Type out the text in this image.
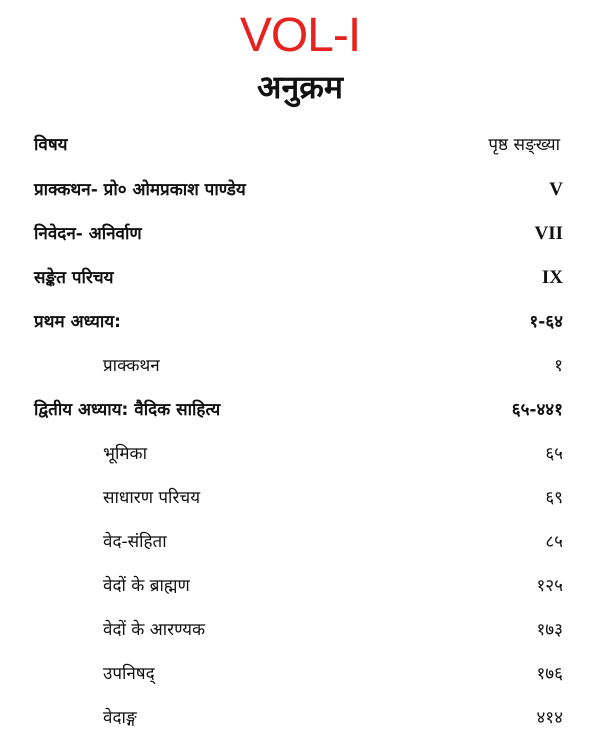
VOL-I
अनुक्रम
विषय	पृष्ठ सङ्ख्या
प्राक्कथन- प्रो० ओमप्रकाश पाण्डेय	V
निवेदन- अनिर्वाण	VII
सङ्केत परिचय	IX
प्रथम अध्याय:	१-६४
प्राक्कथन	१
द्वितीय अध्याय: वैदिक साहित्य	६५-४४१
भूमिका	६५
साधारण परिचय	६९
वेद-संहिता	८५
वेदों के ब्राह्मण	१२५
वेदों के आरण्यक	१७३
उपनिषद्	१७६
वेदाङ्ग	४१४
